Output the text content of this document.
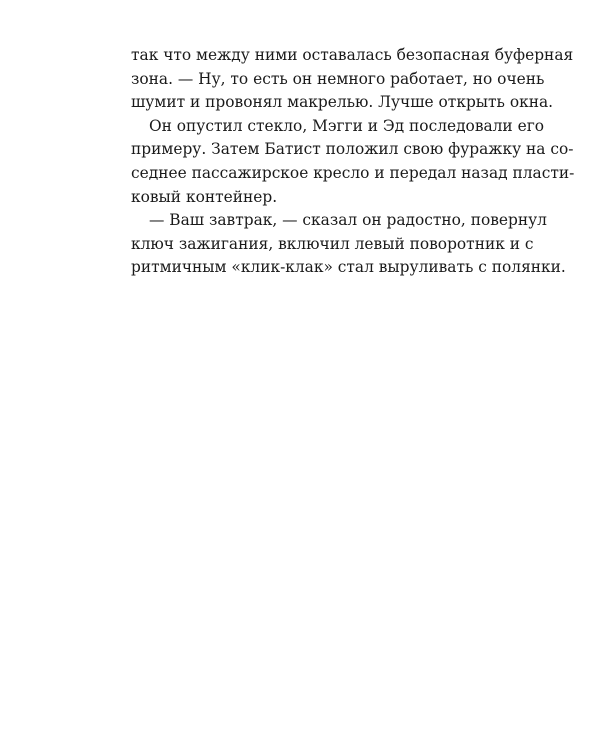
так что между ними оставалась безопасная буферная
зона. — Ну, то есть он немного работает, но очень
шумит и провонял макрелью. Лучше открыть окна.
Он опустил стекло, Мэгги и Эд последовали его
примеру. Затем Батист положил свою фуражку на со-
седнее пассажирское кресло и передал назад пласти-
ковый контейнер.
— Ваш завтрак, — сказал он радостно, повернул
ключ зажигания, включил левый поворотник и с
ритмичным «клик-клак» стал выруливать с полянки.
